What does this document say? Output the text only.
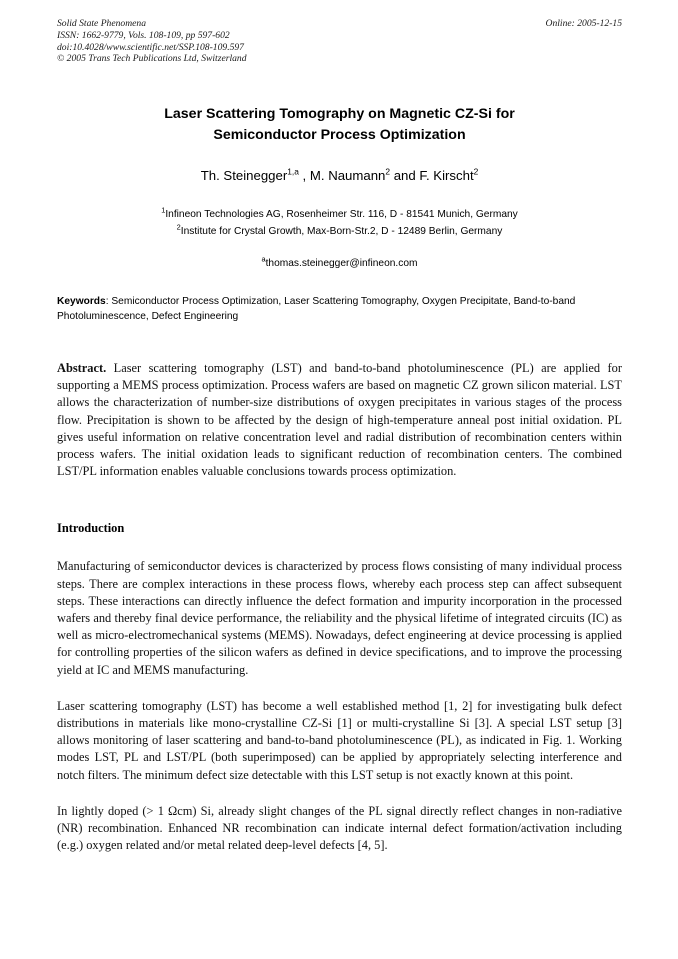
Solid State Phenomena
ISSN: 1662-9779, Vols. 108-109, pp 597-602
doi:10.4028/www.scientific.net/SSP.108-109.597
© 2005 Trans Tech Publications Ltd, Switzerland
Online: 2005-12-15
Laser Scattering Tomography on Magnetic CZ-Si for
Semiconductor Process Optimization
Th. Steinegger$^{1,a}$ , M. Naumann$^2$ and F. Kirscht$^2$
$^1$Infineon Technologies AG, Rosenheimer Str. 116, D - 81541 Munich, Germany
$^2$Institute for Crystal Growth, Max-Born-Str.2, D - 12489 Berlin, Germany
$^a$thomas.steinegger@infineon.com
Keywords: Semiconductor Process Optimization, Laser Scattering Tomography, Oxygen Precipitate, Band-to-band Photoluminescence, Defect Engineering
Abstract. Laser scattering tomography (LST) and band-to-band photoluminescence (PL) are applied for supporting a MEMS process optimization. Process wafers are based on magnetic CZ grown silicon material. LST allows the characterization of number-size distributions of oxygen precipitates in various stages of the process flow. Precipitation is shown to be affected by the design of high-temperature anneal post initial oxidation. PL gives useful information on relative concentration level and radial distribution of recombination centers within process wafers. The initial oxidation leads to significant reduction of recombination centers. The combined LST/PL information enables valuable conclusions towards process optimization.
Introduction
Manufacturing of semiconductor devices is characterized by process flows consisting of many individual process steps. There are complex interactions in these process flows, whereby each process step can affect subsequent steps. These interactions can directly influence the defect formation and impurity incorporation in the processed wafers and thereby final device performance, the reliability and the physical lifetime of integrated circuits (IC) as well as micro-electromechanical systems (MEMS). Nowadays, defect engineering at device processing is applied for controlling properties of the silicon wafers as defined in device specifications, and to improve the processing yield at IC and MEMS manufacturing.
Laser scattering tomography (LST) has become a well established method [1, 2] for investigating bulk defect distributions in materials like mono-crystalline CZ-Si [1] or multi-crystalline Si [3]. A special LST setup [3] allows monitoring of laser scattering and band-to-band photoluminescence (PL), as indicated in Fig. 1. Working modes LST, PL and LST/PL (both superimposed) can be applied by appropriately selecting interference and notch filters. The minimum defect size detectable with this LST setup is not exactly known at this point.
In lightly doped (> 1 Ωcm) Si, already slight changes of the PL signal directly reflect changes in non-radiative (NR) recombination. Enhanced NR recombination can indicate internal defect formation/activation including (e.g.) oxygen related and/or metal related deep-level defects [4, 5].
